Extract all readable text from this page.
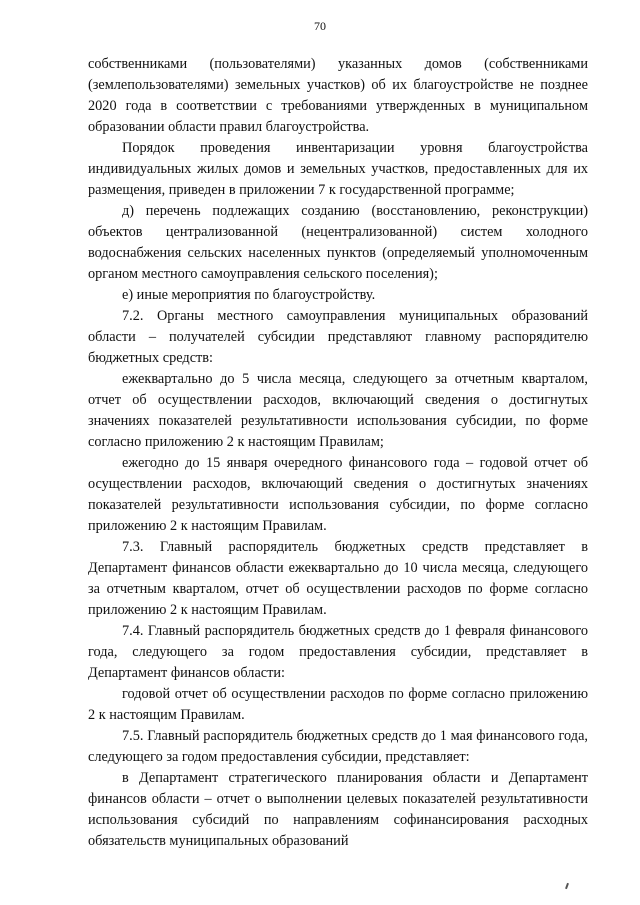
70

собственниками (пользователями) указанных домов (собственниками (землепользователями) земельных участков) об их благоустройстве не позднее 2020 года в соответствии с требованиями утвержденных в муниципальном образовании области правил благоустройства.

Порядок проведения инвентаризации уровня благоустройства индивидуальных жилых домов и земельных участков, предоставленных для их размещения, приведен в приложении 7 к государственной программе;

д) перечень подлежащих созданию (восстановлению, реконструкции) объектов централизованной (нецентрализованной) систем холодного водоснабжения сельских населенных пунктов (определяемый уполномоченным органом местного самоуправления сельского поселения);

е) иные мероприятия по благоустройству.

7.2. Органы местного самоуправления муниципальных образований области – получателей субсидии представляют главному распорядителю бюджетных средств:

ежеквартально до 5 числа месяца, следующего за отчетным кварталом, отчет об осуществлении расходов, включающий сведения о достигнутых значениях показателей результативности использования субсидии, по форме согласно приложению 2 к настоящим Правилам;

ежегодно до 15 января очередного финансового года – годовой отчет об осуществлении расходов, включающий сведения о достигнутых значениях показателей результативности использования субсидии, по форме согласно приложению 2 к настоящим Правилам.

7.3. Главный распорядитель бюджетных средств представляет в Департамент финансов области ежеквартально до 10 числа месяца, следующего за отчетным кварталом, отчет об осуществлении расходов по форме согласно приложению 2 к настоящим Правилам.

7.4. Главный распорядитель бюджетных средств до 1 февраля финансового года, следующего за годом предоставления субсидии, представляет в Департамент финансов области:

годовой отчет об осуществлении расходов по форме согласно приложению 2 к настоящим Правилам.

7.5. Главный распорядитель бюджетных средств до 1 мая финансового года, следующего за годом предоставления субсидии, представляет:

в Департамент стратегического планирования области и Департамент финансов области – отчет о выполнении целевых показателей результативности использования субсидий по направлениям софинансирования расходных обязательств муниципальных образований
